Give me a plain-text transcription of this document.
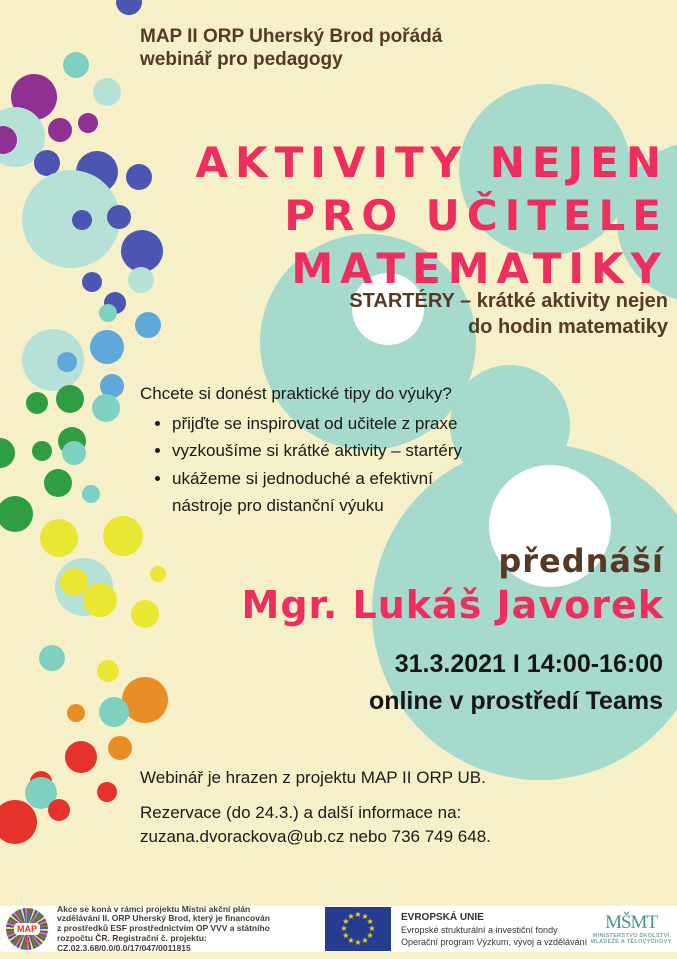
MAP II ORP Uherský Brod pořádá
webinář pro pedagogy
AKTIVITY NEJEN
PRO UČITELE
MATEMATIKY
STARTÉRY – krátké aktivity nejen
do hodin matematiky
Chcete si donést praktické tipy do výuky?
• přijďte se inspirovat od učitele z praxe
• vyzkoušíme si krátké aktivity – startéry
• ukážeme si jednoduché a efektivní nástroje pro distanční výuku
přednáší
Mgr. Lukáš Javorek
31.3.2021 I 14:00-16:00
online v prostředí Teams
Webinář je hrazen z projektu MAP II ORP UB.
Rezervace (do 24.3.) a další informace na:
zuzana.dvorackova@ub.cz nebo 736 749 648.
MAP
Akce se koná v rámci projektu Místní akční plán
vzdělávání II. ORP Uherský Brod, který je financován
z prostředků ESF prostřednictvím OP VVV a státního
rozpočtu ČR. Registrační č. projektu:
CZ.02.3.68/0.0/0.0/17/047/0011815
★ ★
★
★
★
★
★
★
★
★
★
★	EVROPSKÁ UNIE
Evropské strukturální a investiční fondy
Operační program Výzkum, vývoj a vzdělávání
MŠMT
MINISTERSTVO ŠKOLSTVÍ
MLÁDEŽE A TĚLOVÝCHOVY
